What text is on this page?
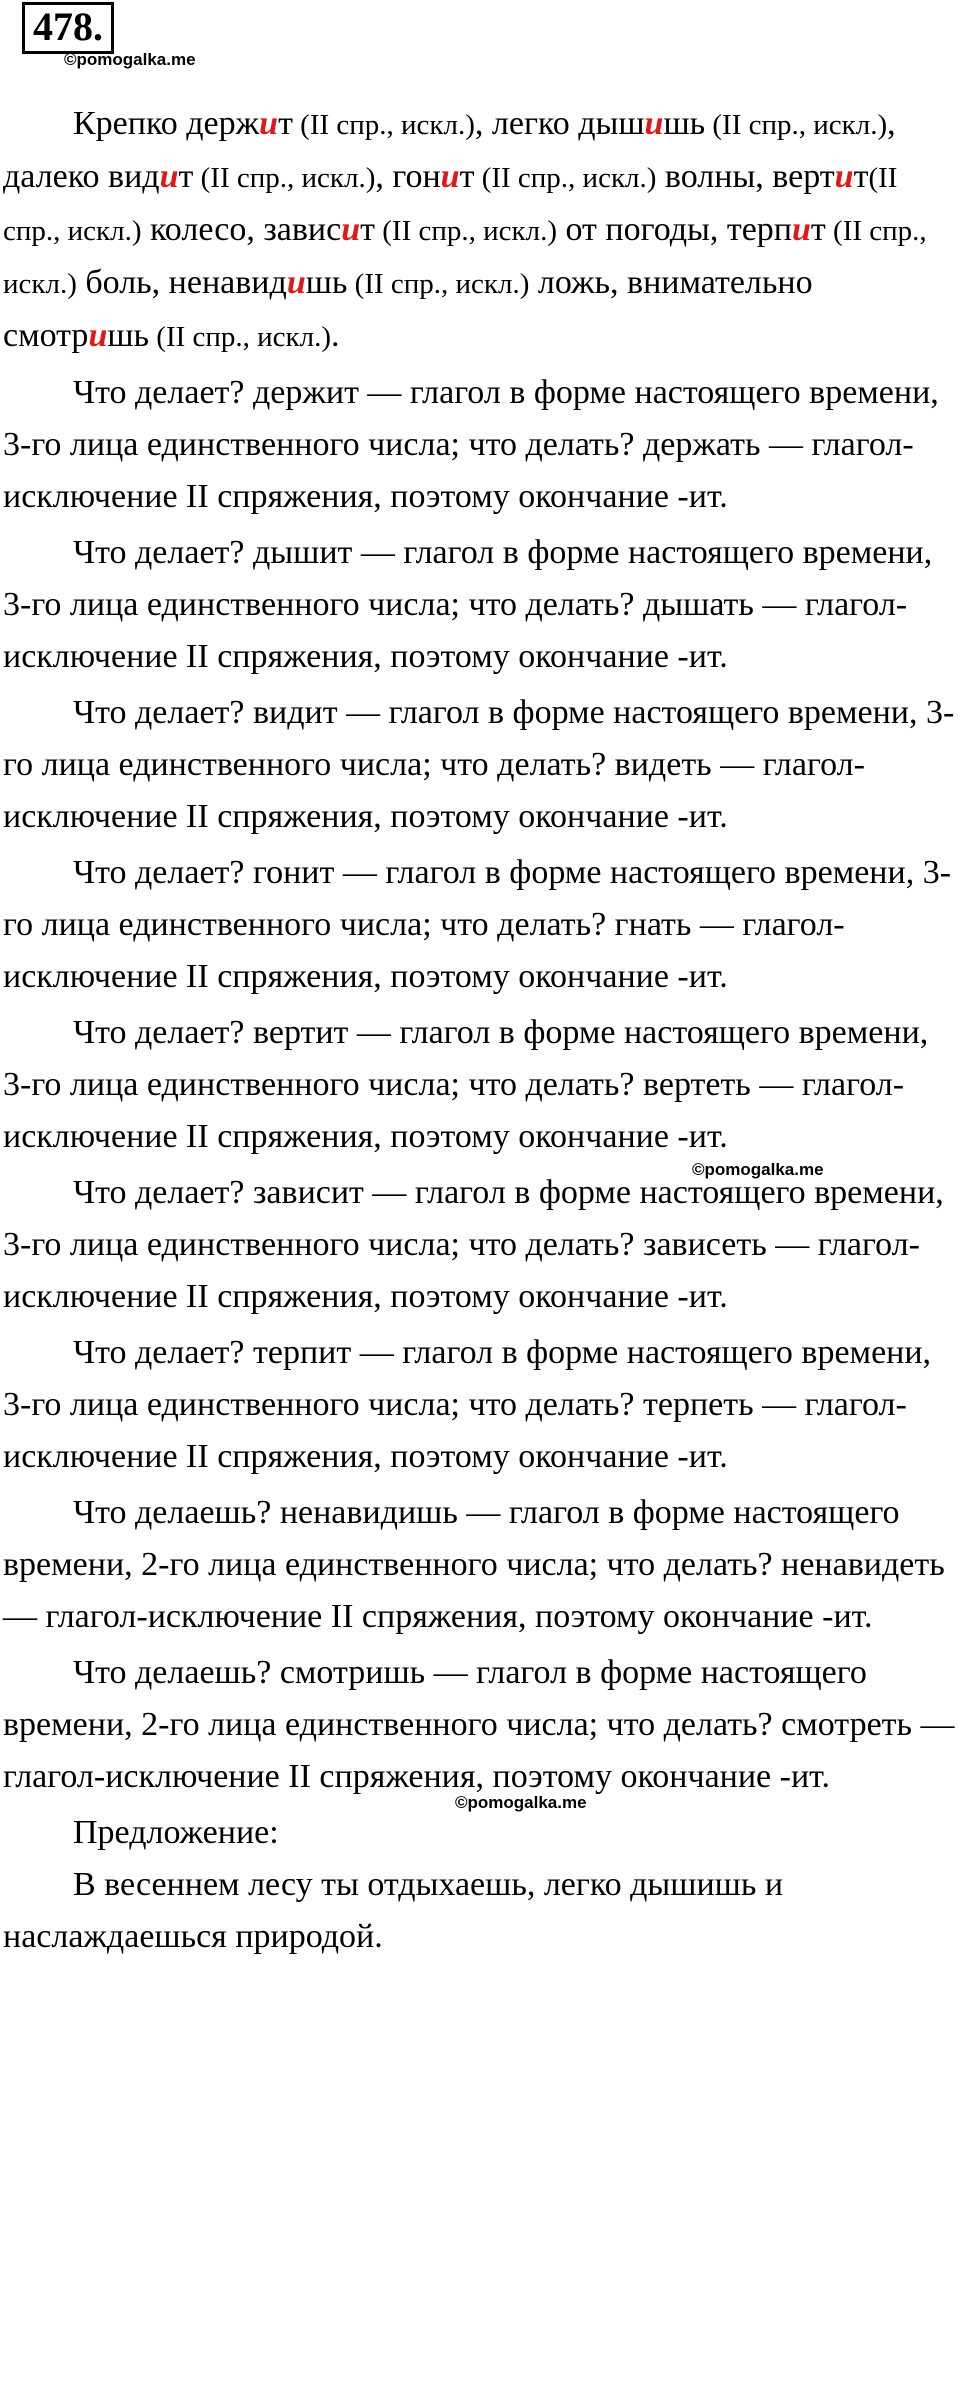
478.
©pomogalka.me

Крепко держит (II спр., искл.), легко дышишь (II спр., искл.), далеко видит (II спр., искл.), гонит (II спр., искл.) волны, вертит(II спр., искл.) колесо, зависит (II спр., искл.) от погоды, терпит (II спр., искл.) боль, ненавидишь (II спр., искл.) ложь, внимательно смотришь (II спр., искл.).

Что делает? держит — глагол в форме настоящего времени, 3-го лица единственного числа; что делать? держать — глагол-исключение II спряжения, поэтому окончание -ит.

Что делает? дышит — глагол в форме настоящего времени, 3-го лица единственного числа; что делать? дышать — глагол-исключение II спряжения, поэтому окончание -ит.

Что делает? видит — глагол в форме настоящего времени, 3-го лица единственного числа; что делать? видеть — глагол-исключение II спряжения, поэтому окончание -ит.

Что делает? гонит — глагол в форме настоящего времени, 3-го лица единственного числа; что делать? гнать — глагол-исключение II спряжения, поэтому окончание -ит.

Что делает? вертит — глагол в форме настоящего времени, 3-го лица единственного числа; что делать? вертеть — глагол-исключение II спряжения, поэтому окончание -ит.

Что делает? зависит — глагол в форме настоящего времени, 3-го лица единственного числа; что делать? зависеть — глагол-исключение II спряжения, поэтому окончание -ит.

Что делает? терпит — глагол в форме настоящего времени, 3-го лица единственного числа; что делать? терпеть — глагол-исключение II спряжения, поэтому окончание -ит.

Что делаешь? ненавидишь — глагол в форме настоящего времени, 2-го лица единственного числа; что делать? ненавидеть — глагол-исключение II спряжения, поэтому окончание -ит.

Что делаешь? смотришь — глагол в форме настоящего времени, 2-го лица единственного числа; что делать? смотреть — глагол-исключение II спряжения, поэтому окончание -ит.

Предложение:

В весеннем лесу ты отдыхаешь, легко дышишь и наслаждаешься природой.

©pomogalka.me
©pomogalka.me
